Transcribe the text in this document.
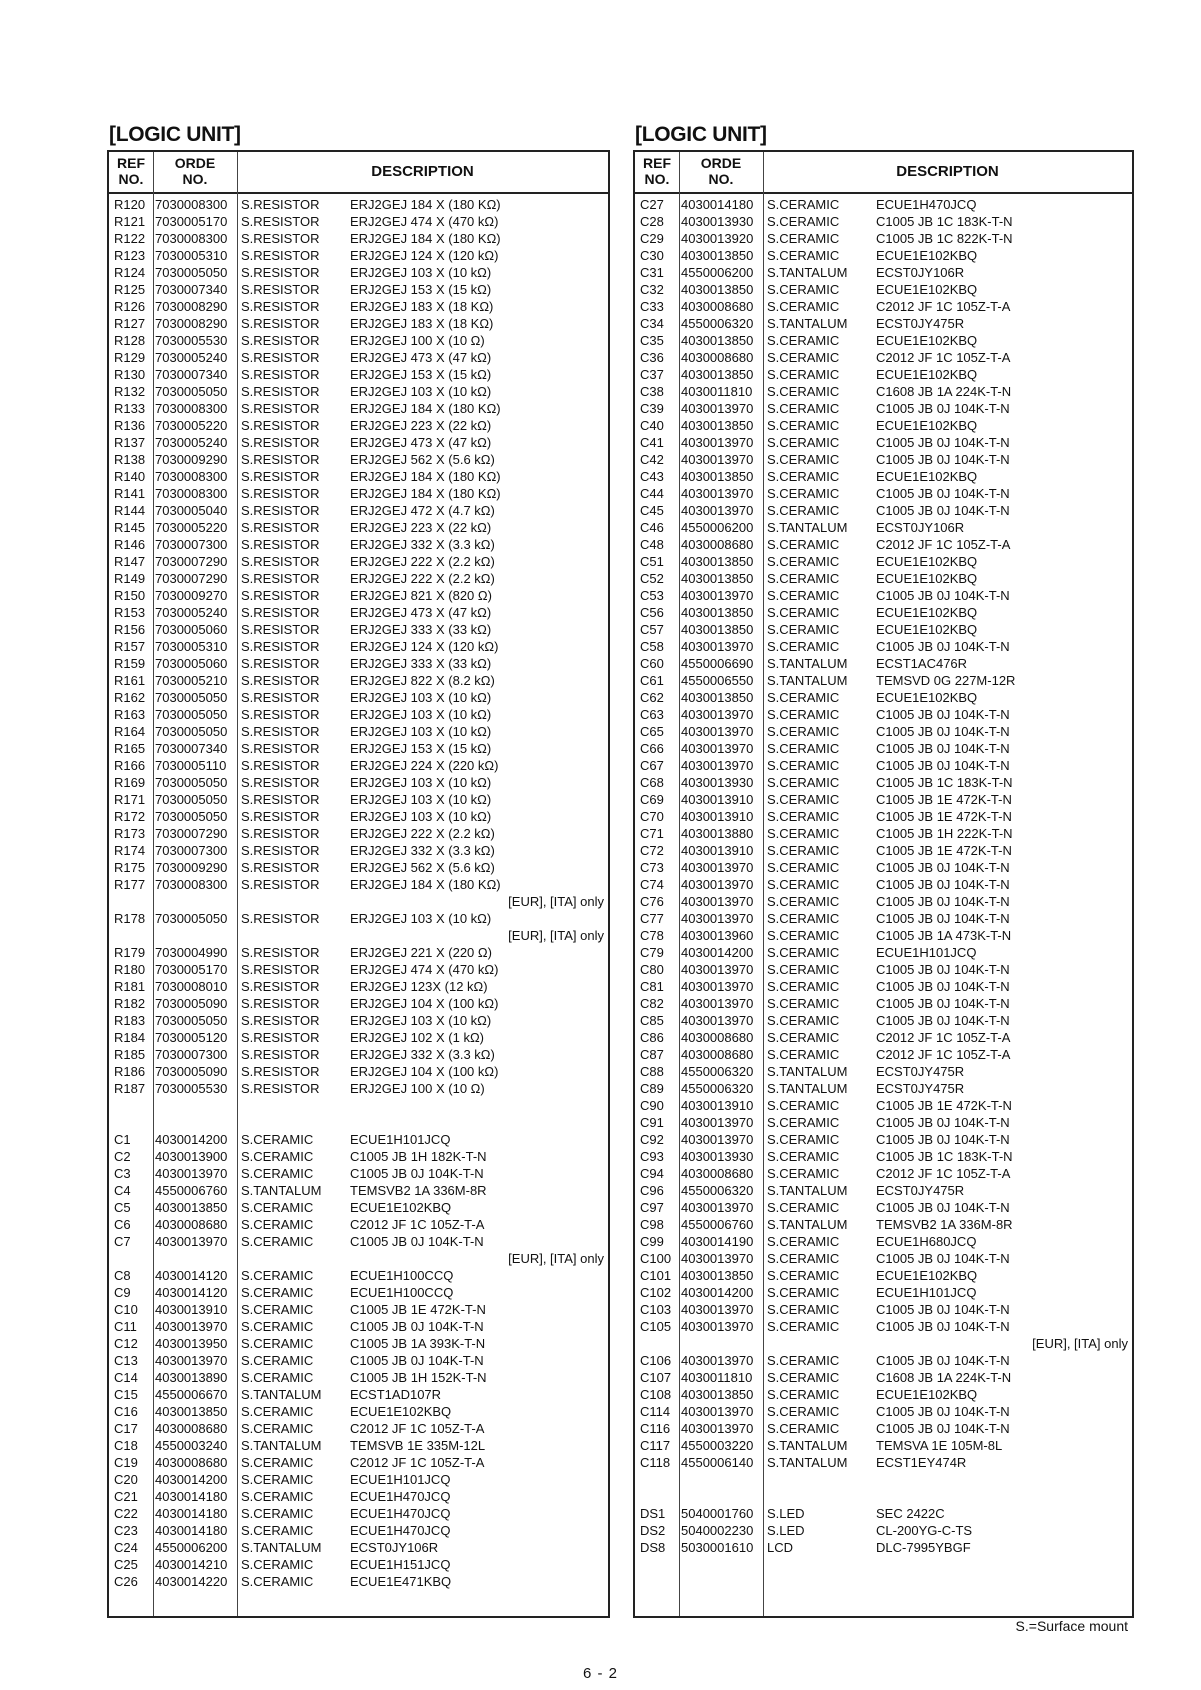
[LOGIC UNIT]
REF
NO.
ORDE
NO.	DESCRIPTION
R120 7030008300	S.RESISTOR	ERJ2GEJ 184 X (180 KΩ)
R121 7030005170	S.RESISTOR	ERJ2GEJ 474 X (470 kΩ)
R122 7030008300	S.RESISTOR	ERJ2GEJ 184 X (180 KΩ)
R123 7030005310	S.RESISTOR	ERJ2GEJ 124 X (120 kΩ)
R124 7030005050	S.RESISTOR	ERJ2GEJ 103 X (10 kΩ)
R125 7030007340	S.RESISTOR	ERJ2GEJ 153 X (15 kΩ)
R126 7030008290	S.RESISTOR	ERJ2GEJ 183 X (18 KΩ)
R127 7030008290	S.RESISTOR	ERJ2GEJ 183 X (18 KΩ)
R128 7030005530	S.RESISTOR	ERJ2GEJ 100 X (10 Ω)
R129 7030005240	S.RESISTOR	ERJ2GEJ 473 X (47 kΩ)
R130 7030007340	S.RESISTOR	ERJ2GEJ 153 X (15 kΩ)
R132 7030005050	S.RESISTOR	ERJ2GEJ 103 X (10 kΩ)
R133 7030008300	S.RESISTOR	ERJ2GEJ 184 X (180 KΩ)
R136 7030005220	S.RESISTOR	ERJ2GEJ 223 X (22 kΩ)
R137 7030005240	S.RESISTOR	ERJ2GEJ 473 X (47 kΩ)
R138 7030009290	S.RESISTOR	ERJ2GEJ 562 X (5.6 kΩ)
R140 7030008300	S.RESISTOR	ERJ2GEJ 184 X (180 KΩ)
R141 7030008300	S.RESISTOR	ERJ2GEJ 184 X (180 KΩ)
R144 7030005040	S.RESISTOR	ERJ2GEJ 472 X (4.7 kΩ)
R145 7030005220	S.RESISTOR	ERJ2GEJ 223 X (22 kΩ)
R146 7030007300	S.RESISTOR	ERJ2GEJ 332 X (3.3 kΩ)
R147 7030007290	S.RESISTOR	ERJ2GEJ 222 X (2.2 kΩ)
R149 7030007290	S.RESISTOR	ERJ2GEJ 222 X (2.2 kΩ)
R150 7030009270	S.RESISTOR	ERJ2GEJ 821 X (820 Ω)
R153 7030005240	S.RESISTOR	ERJ2GEJ 473 X (47 kΩ)
R156 7030005060	S.RESISTOR	ERJ2GEJ 333 X (33 kΩ)
R157 7030005310	S.RESISTOR	ERJ2GEJ 124 X (120 kΩ)
R159 7030005060	S.RESISTOR	ERJ2GEJ 333 X (33 kΩ)
R161 7030005210	S.RESISTOR	ERJ2GEJ 822 X (8.2 kΩ)
R162 7030005050	S.RESISTOR	ERJ2GEJ 103 X (10 kΩ)
R163 7030005050	S.RESISTOR	ERJ2GEJ 103 X (10 kΩ)
R164 7030005050	S.RESISTOR	ERJ2GEJ 103 X (10 kΩ)
R165 7030007340	S.RESISTOR	ERJ2GEJ 153 X (15 kΩ)
R166 7030005110	S.RESISTOR	ERJ2GEJ 224 X (220 kΩ)
R169 7030005050	S.RESISTOR	ERJ2GEJ 103 X (10 kΩ)
R171 7030005050	S.RESISTOR	ERJ2GEJ 103 X (10 kΩ)
R172 7030005050	S.RESISTOR	ERJ2GEJ 103 X (10 kΩ)
R173 7030007290	S.RESISTOR	ERJ2GEJ 222 X (2.2 kΩ)
R174 7030007300	S.RESISTOR	ERJ2GEJ 332 X (3.3 kΩ)
R175 7030009290	S.RESISTOR	ERJ2GEJ 562 X (5.6 kΩ)
R177 7030008300	S.RESISTOR	ERJ2GEJ 184 X (180 KΩ)
[EUR], [ITA] only
R178 7030005050	S.RESISTOR	ERJ2GEJ 103 X (10 kΩ)
[EUR], [ITA] only
R179 7030004990	S.RESISTOR	ERJ2GEJ 221 X (220 Ω)
R180 7030005170	S.RESISTOR	ERJ2GEJ 474 X (470 kΩ)
R181 7030008010	S.RESISTOR	ERJ2GEJ 123X (12 kΩ)
R182 7030005090	S.RESISTOR	ERJ2GEJ 104 X (100 kΩ)
R183 7030005050	S.RESISTOR	ERJ2GEJ 103 X (10 kΩ)
R184 7030005120	S.RESISTOR	ERJ2GEJ 102 X (1 kΩ)
R185 7030007300	S.RESISTOR	ERJ2GEJ 332 X (3.3 kΩ)
R186 7030005090	S.RESISTOR	ERJ2GEJ 104 X (100 kΩ)
R187 7030005530	S.RESISTOR	ERJ2GEJ 100 X (10 Ω)
C1	4030014200	S.CERAMIC	ECUE1H101JCQ
C2	4030013900	S.CERAMIC	C1005 JB 1H 182K-T-N
C3	4030013970	S.CERAMIC	C1005 JB 0J 104K-T-N
C4	4550006760	S.TANTALUM	TEMSVB2 1A 336M-8R
C5	4030013850	S.CERAMIC	ECUE1E102KBQ
C6	4030008680	S.CERAMIC	C2012 JF 1C 105Z-T-A
C7	4030013970	S.CERAMIC	C1005 JB 0J 104K-T-N
[EUR], [ITA] only
C8	4030014120	S.CERAMIC	ECUE1H100CCQ
C9	4030014120	S.CERAMIC	ECUE1H100CCQ
C10	4030013910	S.CERAMIC	C1005 JB 1E 472K-T-N
C11	4030013970	S.CERAMIC	C1005 JB 0J 104K-T-N
C12	4030013950	S.CERAMIC	C1005 JB 1A 393K-T-N
C13	4030013970	S.CERAMIC	C1005 JB 0J 104K-T-N
C14	4030013890	S.CERAMIC	C1005 JB 1H 152K-T-N
C15	4550006670	S.TANTALUM	ECST1AD107R
C16	4030013850	S.CERAMIC	ECUE1E102KBQ
C17	4030008680	S.CERAMIC	C2012 JF 1C 105Z-T-A
C18	4550003240	S.TANTALUM	TEMSVB 1E 335M-12L
C19	4030008680	S.CERAMIC	C2012 JF 1C 105Z-T-A
C20	4030014200	S.CERAMIC	ECUE1H101JCQ
C21	4030014180	S.CERAMIC	ECUE1H470JCQ
C22	4030014180	S.CERAMIC	ECUE1H470JCQ
C23	4030014180	S.CERAMIC	ECUE1H470JCQ
C24	4550006200	S.TANTALUM	ECST0JY106R
C25	4030014210	S.CERAMIC	ECUE1H151JCQ
C26	4030014220	S.CERAMIC	ECUE1E471KBQ
[LOGIC UNIT]
REF
NO.
ORDE
NO.	DESCRIPTION
C27	4030014180	S.CERAMIC	ECUE1H470JCQ
C28	4030013930	S.CERAMIC	C1005 JB 1C 183K-T-N
C29	4030013920	S.CERAMIC	C1005 JB 1C 822K-T-N
C30	4030013850	S.CERAMIC	ECUE1E102KBQ
C31	4550006200	S.TANTALUM	ECST0JY106R
C32	4030013850	S.CERAMIC	ECUE1E102KBQ
C33	4030008680	S.CERAMIC	C2012 JF 1C 105Z-T-A
C34	4550006320	S.TANTALUM	ECST0JY475R
C35	4030013850	S.CERAMIC	ECUE1E102KBQ
C36	4030008680	S.CERAMIC	C2012 JF 1C 105Z-T-A
C37	4030013850	S.CERAMIC	ECUE1E102KBQ
C38	4030011810	S.CERAMIC	C1608 JB 1A 224K-T-N
C39	4030013970	S.CERAMIC	C1005 JB 0J 104K-T-N
C40	4030013850	S.CERAMIC	ECUE1E102KBQ
C41	4030013970	S.CERAMIC	C1005 JB 0J 104K-T-N
C42	4030013970	S.CERAMIC	C1005 JB 0J 104K-T-N
C43	4030013850	S.CERAMIC	ECUE1E102KBQ
C44	4030013970	S.CERAMIC	C1005 JB 0J 104K-T-N
C45	4030013970	S.CERAMIC	C1005 JB 0J 104K-T-N
C46	4550006200	S.TANTALUM	ECST0JY106R
C48	4030008680	S.CERAMIC	C2012 JF 1C 105Z-T-A
C51	4030013850	S.CERAMIC	ECUE1E102KBQ
C52	4030013850	S.CERAMIC	ECUE1E102KBQ
C53	4030013970	S.CERAMIC	C1005 JB 0J 104K-T-N
C56	4030013850	S.CERAMIC	ECUE1E102KBQ
C57	4030013850	S.CERAMIC	ECUE1E102KBQ
C58	4030013970	S.CERAMIC	C1005 JB 0J 104K-T-N
C60	4550006690	S.TANTALUM	ECST1AC476R
C61	4550006550	S.TANTALUM	TEMSVD 0G 227M-12R
C62	4030013850	S.CERAMIC	ECUE1E102KBQ
C63	4030013970	S.CERAMIC	C1005 JB 0J 104K-T-N
C65	4030013970	S.CERAMIC	C1005 JB 0J 104K-T-N
C66	4030013970	S.CERAMIC	C1005 JB 0J 104K-T-N
C67	4030013970	S.CERAMIC	C1005 JB 0J 104K-T-N
C68	4030013930	S.CERAMIC	C1005 JB 1C 183K-T-N
C69	4030013910	S.CERAMIC	C1005 JB 1E 472K-T-N
C70	4030013910	S.CERAMIC	C1005 JB 1E 472K-T-N
C71	4030013880	S.CERAMIC	C1005 JB 1H 222K-T-N
C72	4030013910	S.CERAMIC	C1005 JB 1E 472K-T-N
C73	4030013970	S.CERAMIC	C1005 JB 0J 104K-T-N
C74	4030013970	S.CERAMIC	C1005 JB 0J 104K-T-N
C76	4030013970	S.CERAMIC	C1005 JB 0J 104K-T-N
C77	4030013970	S.CERAMIC	C1005 JB 0J 104K-T-N
C78	4030013960	S.CERAMIC	C1005 JB 1A 473K-T-N
C79	4030014200	S.CERAMIC	ECUE1H101JCQ
C80	4030013970	S.CERAMIC	C1005 JB 0J 104K-T-N
C81	4030013970	S.CERAMIC	C1005 JB 0J 104K-T-N
C82	4030013970	S.CERAMIC	C1005 JB 0J 104K-T-N
C85	4030013970	S.CERAMIC	C1005 JB 0J 104K-T-N
C86	4030008680	S.CERAMIC	C2012 JF 1C 105Z-T-A
C87	4030008680	S.CERAMIC	C2012 JF 1C 105Z-T-A
C88	4550006320	S.TANTALUM	ECST0JY475R
C89	4550006320	S.TANTALUM	ECST0JY475R
C90	4030013910	S.CERAMIC	C1005 JB 1E 472K-T-N
C91	4030013970	S.CERAMIC	C1005 JB 0J 104K-T-N
C92	4030013970	S.CERAMIC	C1005 JB 0J 104K-T-N
C93	4030013930	S.CERAMIC	C1005 JB 1C 183K-T-N
C94	4030008680	S.CERAMIC	C2012 JF 1C 105Z-T-A
C96	4550006320	S.TANTALUM	ECST0JY475R
C97	4030013970	S.CERAMIC	C1005 JB 0J 104K-T-N
C98	4550006760	S.TANTALUM	TEMSVB2 1A 336M-8R
C99	4030014190	S.CERAMIC	ECUE1H680JCQ
C100 4030013970	S.CERAMIC	C1005 JB 0J 104K-T-N
C101 4030013850	S.CERAMIC	ECUE1E102KBQ
C102 4030014200	S.CERAMIC	ECUE1H101JCQ
C103 4030013970	S.CERAMIC	C1005 JB 0J 104K-T-N
C105 4030013970	S.CERAMIC	C1005 JB 0J 104K-T-N
[EUR], [ITA] only
C106 4030013970	S.CERAMIC	C1005 JB 0J 104K-T-N
C107 4030011810	S.CERAMIC	C1608 JB 1A 224K-T-N
C108 4030013850	S.CERAMIC	ECUE1E102KBQ
C114 4030013970	S.CERAMIC	C1005 JB 0J 104K-T-N
C116 4030013970	S.CERAMIC	C1005 JB 0J 104K-T-N
C117 4550003220	S.TANTALUM	TEMSVA 1E 105M-8L
C118 4550006140	S.TANTALUM	ECST1EY474R
DS1	5040001760	S.LED	SEC 2422C
DS2	5040002230	S.LED	CL-200YG-C-TS
DS8	5030001610	LCD	DLC-7995YBGF
S.=Surface mount
6 - 2
